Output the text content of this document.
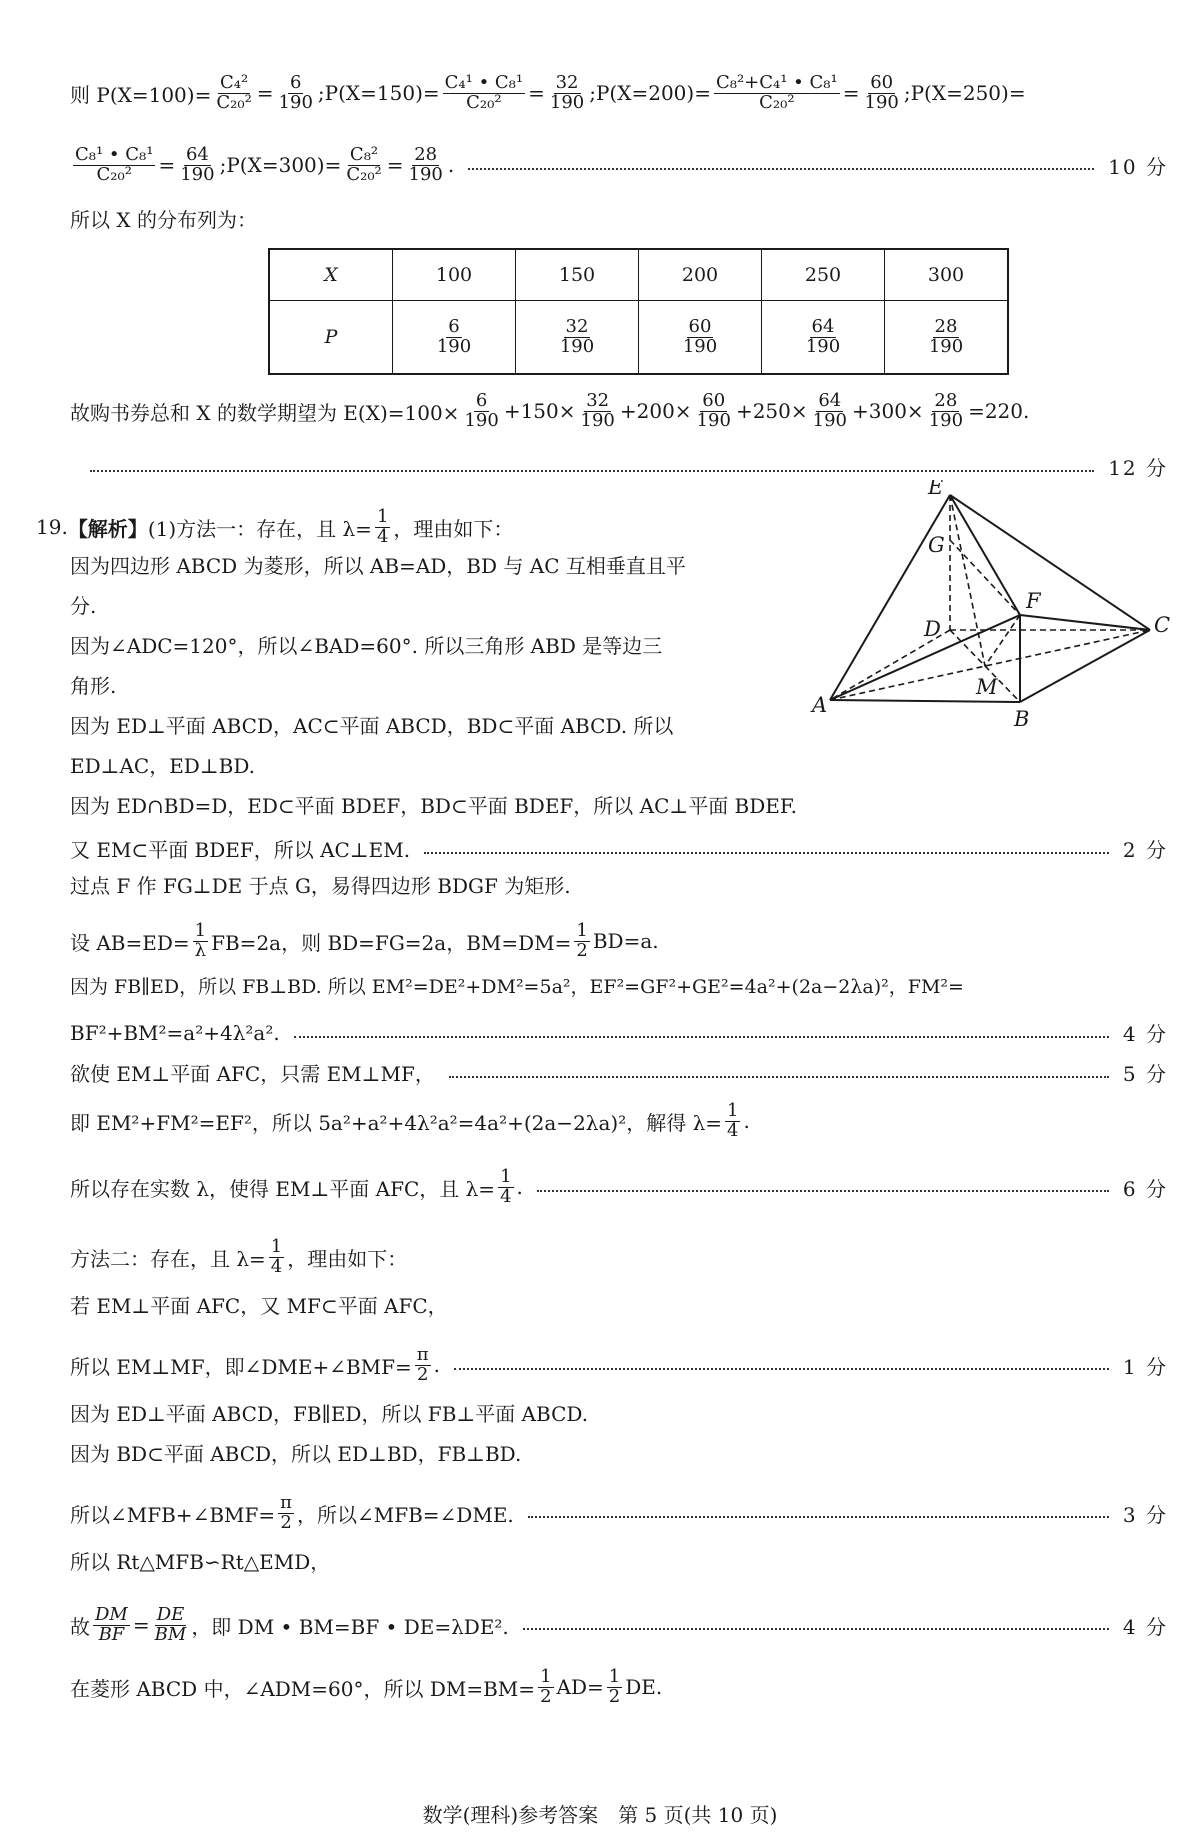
则 $P(X=100)= \frac{\text{C₄²}}{\text{C₂₀²}} = \frac{6}{190}$ ;P(X=150)= $\frac{\text{C₄¹ • C₈¹}}{\text{C₂₀²}} = \frac{32}{190}$ ;P(X=200)= $\frac{\text{C₈²+C₄¹ • C₈¹}}{\text{C₂₀²}} = \frac{60}{190}$ ;P(X=250)=
$\frac{\text{C₈¹ • C₈¹}}{\text{C₂₀²}} = \frac{64}{190}$ ;P(X=300)= $\frac{\text{C₈²}}{\text{C₂₀²}} = \frac{28}{190}$ .	10 分
所以 X 的分布列为：
X	100	150	200	250	300
P	$\frac{6}{190}$	$\frac{32}{190}$	$\frac{60}{190}$	$\frac{64}{190}$	$\frac{28}{190}$
故购书券总和 X 的数学期望为 $E(X)=100\times \frac{6}{190} +150\times \frac{32}{190} +200\times \frac{60}{190} +250\times \frac{64}{190} +300\times \frac{28}{190} =220$.
12 分
19. 【解析】 (1)方法一：存在，且 $\lambda= \frac{1}{4}$ ，理由如下：
因为四边形 ABCD 为菱形，所以 AB=AD，BD 与 AC 互相垂直且平
分.
因为∠ADC=120°，所以∠BAD=60°. 所以三角形 ABD 是等边三
角形.
因为 ED⊥平面 ABCD，AC⊂平面 ABCD，BD⊂平面 ABCD. 所以
ED⊥AC，ED⊥BD.
因为 ED∩BD=D，ED⊂平面 BDEF，BD⊂平面 BDEF，所以 AC⊥平面 BDEF.
又 EM⊂平面 BDEF，所以 AC⊥EM.	2 分
过点 F 作 FG⊥DE 于点 G，易得四边形 BDGF 为矩形.
设 $AB=ED= \frac{1}{\lambda} FB=2a$，则 BD=FG=2a，$BM=DM= \frac{1}{2} BD=a$.
因为 FB∥ED，所以 FB⊥BD. 所以 EM²=DE²+DM²=5a²，EF²=GF²+GE²=4a²+(2a−2λa)²，FM²=
BF²+BM²=a²+4λ²a².	4 分
欲使 EM⊥平面 AFC，只需 EM⊥MF，	5 分
即 EM²+FM²=EF²，所以 5a²+a²+4λ²a²=4a²+(2a−2λa)²，解得 $\lambda= \frac{1}{4}$ .
所以存在实数 λ，使得 EM⊥平面 AFC，且 $\lambda= \frac{1}{4}$ .	6 分
方法二：存在，且 $\lambda= \frac{1}{4}$ ，理由如下：
若 EM⊥平面 AFC，又 MF⊂平面 AFC，
所以 EM⊥MF，即∠DME+∠BMF= $\frac{\pi}{2}$ .	1 分
因为 ED⊥平面 ABCD，FB∥ED，所以 FB⊥平面 ABCD.
因为 BD⊂平面 ABCD，所以 ED⊥BD，FB⊥BD.
所以∠MFB+∠BMF= $\frac{\pi}{2}$ ，所以∠MFB=∠DME.	3 分
所以 Rt△MFB∽Rt△EMD，
故 $\frac{DM}{BF} = \frac{DE}{BM}$ ，即 DM • BM=BF • DE=λDE².	4 分
在菱形 ABCD 中，∠ADM=60°，所以 $DM=BM= \frac{1}{2} AD= \frac{1}{2}$ DE.
E
G
F
D	C
A
M
B
数学(理科)参考答案　第 5 页(共 10 页)
